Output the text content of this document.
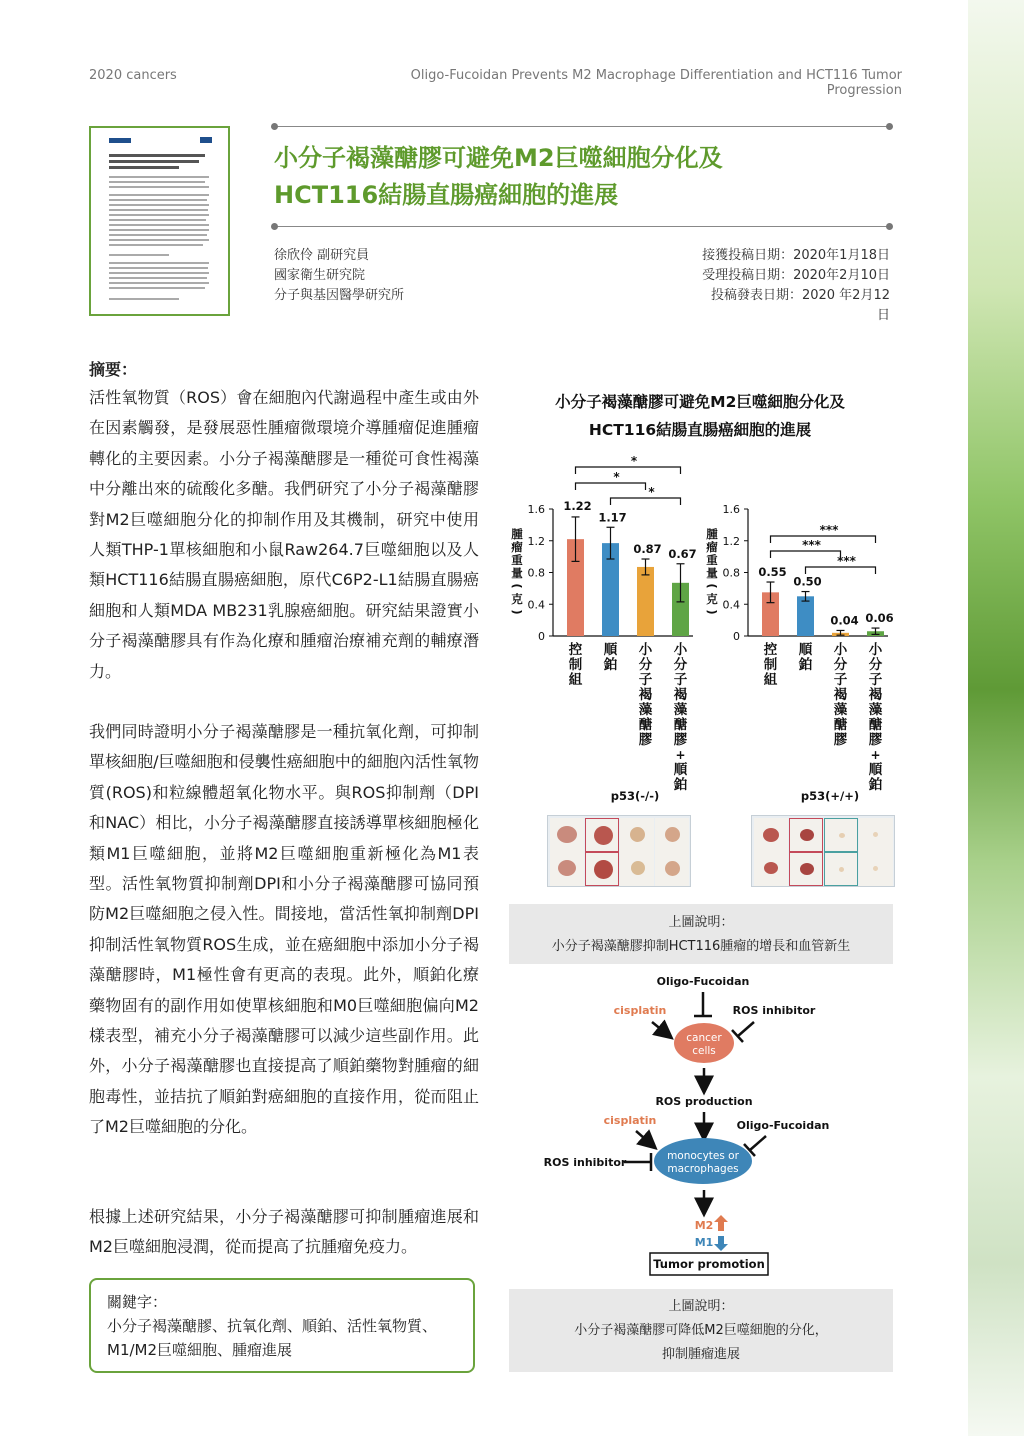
2020 cancers	Oligo-Fucoidan Prevents M2 Macrophage Differentiation and HCT116 Tumor Progression
小分子褐藻醣膠可避免M2巨噬細胞分化及
HCT116結腸直腸癌細胞的進展
徐欣伶 副研究員
國家衛生研究院
分子與基因醫學研究所
接獲投稿日期：2020年1月18日
受理投稿日期：2020年2月10日
投稿發表日期：2020 年2月12日
摘要：
活性氧物質（ROS）會在細胞內代謝過程中產生或由外在因素觸發，是發展惡性腫瘤微環境介導腫瘤促進腫瘤轉化的主要因素。小分子褐藻醣膠是一種從可食性褐藻中分離出來的硫酸化多醣。我們研究了小分子褐藻醣膠對M2巨噬細胞分化的抑制作用及其機制，研究中使用人類THP-1單核細胞和小鼠Raw264.7巨噬細胞以及人類HCT116結腸直腸癌細胞，原代C6P2-L1結腸直腸癌細胞和人類MDA MB231乳腺癌細胞。研究結果證實小分子褐藻醣膠具有作為化療和腫瘤治療補充劑的輔療潛力。
我們同時證明小分子褐藻醣膠是一種抗氧化劑，可抑制單核細胞/巨噬細胞和侵襲性癌細胞中的細胞內活性氧物質(ROS)和粒線體超氧化物水平。與ROS抑制劑（DPI和NAC）相比，小分子褐藻醣膠直接誘導單核細胞極化類M1巨噬細胞，並將M2巨噬細胞重新極化為M1表型。活性氧物質抑制劑DPI和小分子褐藻醣膠可協同預防M2巨噬細胞之侵入性。間接地，當活性氧抑制劑DPI抑制活性氧物質ROS生成，並在癌細胞中添加小分子褐藻醣膠時，M1極性會有更高的表現。此外，順鉑化療藥物固有的副作用如使單核細胞和M0巨噬細胞偏向M2樣表型，補充小分子褐藻醣膠可以減少這些副作用。此外，小分子褐藻醣膠也直接提高了順鉑藥物對腫瘤的細胞毒性，並拮抗了順鉑對癌細胞的直接作用，從而阻止了M2巨噬細胞的分化。
根據上述研究結果，小分子褐藻醣膠可抑制腫瘤進展和M2巨噬細胞浸潤，從而提高了抗腫瘤免疫力。
關鍵字：
小分子褐藻醣膠、抗氧化劑、順鉑、活性氧物質、
M1/M2巨噬細胞、腫瘤進展
小分子褐藻醣膠可避免M2巨噬細胞分化及
HCT116結腸直腸癌細胞的進展
0
0.4
0.8
1.2
1.6
腫
瘤
重
量
(
克
)
1.22
控
制
組
1.17
順
鉑
0.87
小
分
子
褐
藻
醣
膠
0.67
小
分
子
褐
藻
醣
膠
+
順
鉑
p53(-/-)
*
*
*
0
0.4
0.8
1.2
1.6
腫
瘤
重
量
(
克
)
0.55
控
制
組
0.50
順
鉑
0.04
小
分
子
褐
藻
醣
膠
0.06
小
分
子
褐
藻
醣
膠
+
順
鉑
p53(+/+)
***
***
***
上圖說明：
小分子褐藻醣膠抑制HCT116腫瘤的增長和血管新生
Oligo-Fucoidan
cisplatin	ROS inhibitor
cancer
cells
ROS production
cisplatin	Oligo-Fucoidan
ROS inhibitor	monocytes or
macrophages
M2
M1
Tumor promotion
上圖說明：
小分子褐藻醣膠可降低M2巨噬細胞的分化，
抑制腫瘤進展
